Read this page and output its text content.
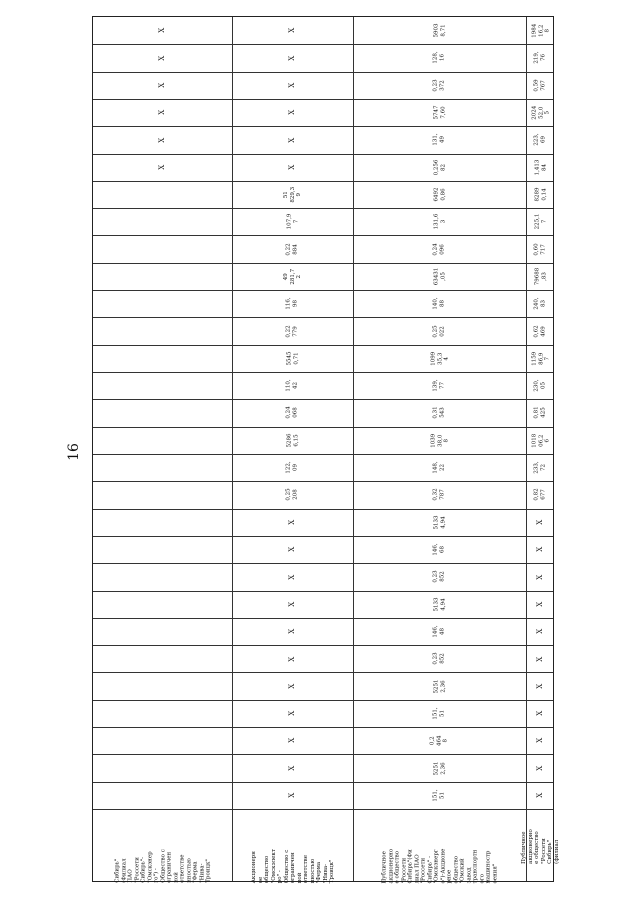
16
Сибирь"
(Филиал
ПАО
"Россети
Сибирь"-
"Омскэнер
го") -
Общество с
ограничен
ной
ответстве
нностью
"Ферма
"Нива-
Троицк"
X
X
X
X
X
X
Акционерн
ое
общество
"Омскэлект
ро" -
Общество с
ограничен
ной
ответстве
нностью
"Ферма
"Нива-
Троицк"
X
X
X
X
X
X
51
829,3
9
107,9
7
0,22
884
49
281,7
2
116,
98
0,22
779
5545
0,71
110,
42
0,24
068
5286
6,15
122,
09
0,25
208
X
X
X
X
X
X
X
X
X
X
X
Публичное
акционерно
е общество
"Россети
Сибирь"(Фи
лиал ПАО
"Россети
Сибирь" -
"Омскэнерг
о")-Акционе
рное
общество
"Омский
завод
транспортн
ого
машиностр
оения"
5903
8,71
128,
16
0,23
372
5747
7,60
131,
49
0,256
82
6492
0,86
131,6
3
0,24
096
63431
,05
140,
88
0,25
022
1099
35,3
4
139,
77
0,31
543
1039
38,0
8
148,
22
0,32
787
5133
4,94
146,
68
0,23
852
5133
4,94
146,
48
0,23
852
5251
2,36
151,
51
0,2
464
8
5251
2,36
151,
51
Публичное
акционерно
е общество
"Россети
Сибирь"
(филиал
1984
16,2
8
219,
76
0,59
767
2024
52,0
5
223,
69
1,413
84
8289
0,14
225,1
7
0,60
717
79688
,83
240,
83
0,62
469
1159
86,9
7
230,
05
0,81
425
1018
06,2
6
233,
72
0,82
677
X
X
X
X
X
X
X
X
X
X
X
